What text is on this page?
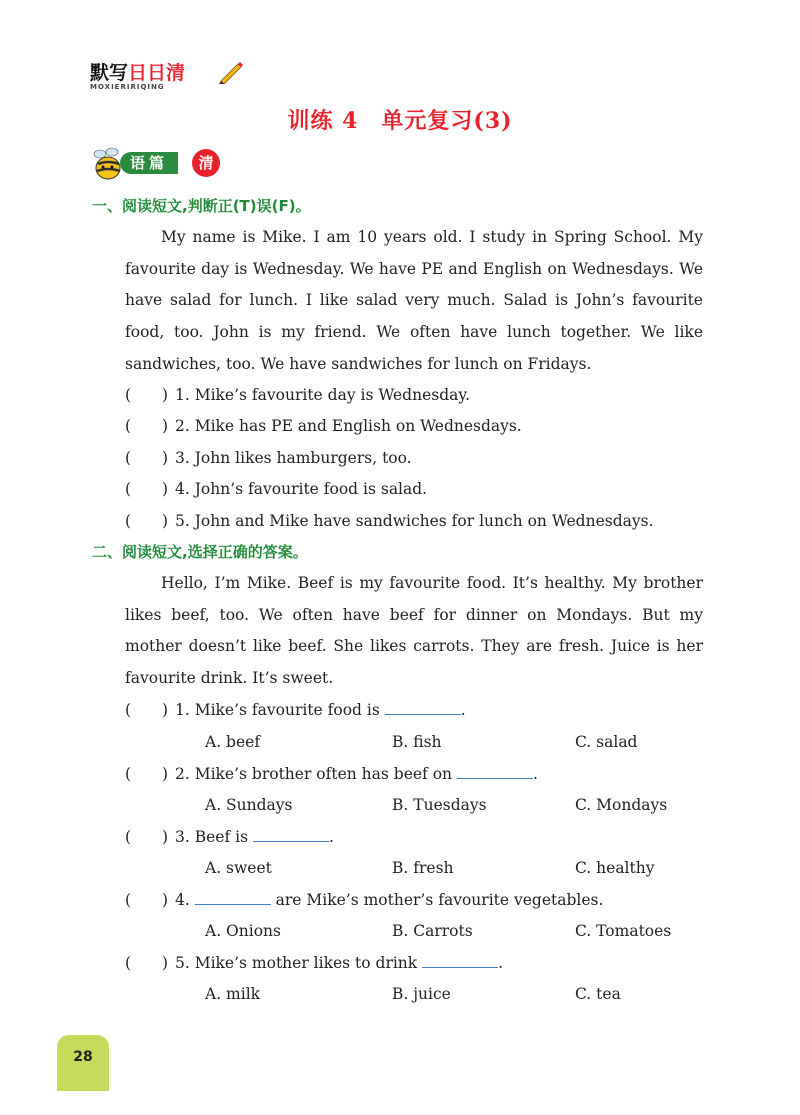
默写日日清
MOXIERIRIQING
训练 4　单元复习(3)
语篇	清
一、阅读短文,判断正(T)误(F)。
My name is Mike. I am 10 years old. I study in Spring School. My favourite day is Wednesday. We have PE and English on Wednesdays. We have salad for lunch. I like salad very much. Salad is John’s favourite food, too. John is my friend. We often have lunch together. We like sandwiches, too. We have sandwiches for lunch on Fridays.
(　　) 1. Mike’s favourite day is Wednesday.
(　　) 2. Mike has PE and English on Wednesdays.
(　　) 3. John likes hamburgers, too.
(　　) 4. John’s favourite food is salad.
(　　) 5. John and Mike have sandwiches for lunch on Wednesdays.
二、阅读短文,选择正确的答案。
Hello, I’m Mike. Beef is my favourite food. It’s healthy. My brother likes beef, too. We often have beef for dinner on Mondays. But my mother doesn’t like beef. She likes carrots. They are fresh. Juice is her favourite drink. It’s sweet.
(　　) 1. Mike’s favourite food is	.
A. beef	B. fish	C. salad
(　　) 2. Mike’s brother often has beef on	.
A. Sundays	B. Tuesdays	C. Mondays
(　　) 3. Beef is	.
A. sweet	B. fresh	C. healthy
(　　) 4.	are Mike’s mother’s favourite vegetables.
A. Onions	B. Carrots	C. Tomatoes
(　　) 5. Mike’s mother likes to drink	.
A. milk	B. juice	C. tea
28
